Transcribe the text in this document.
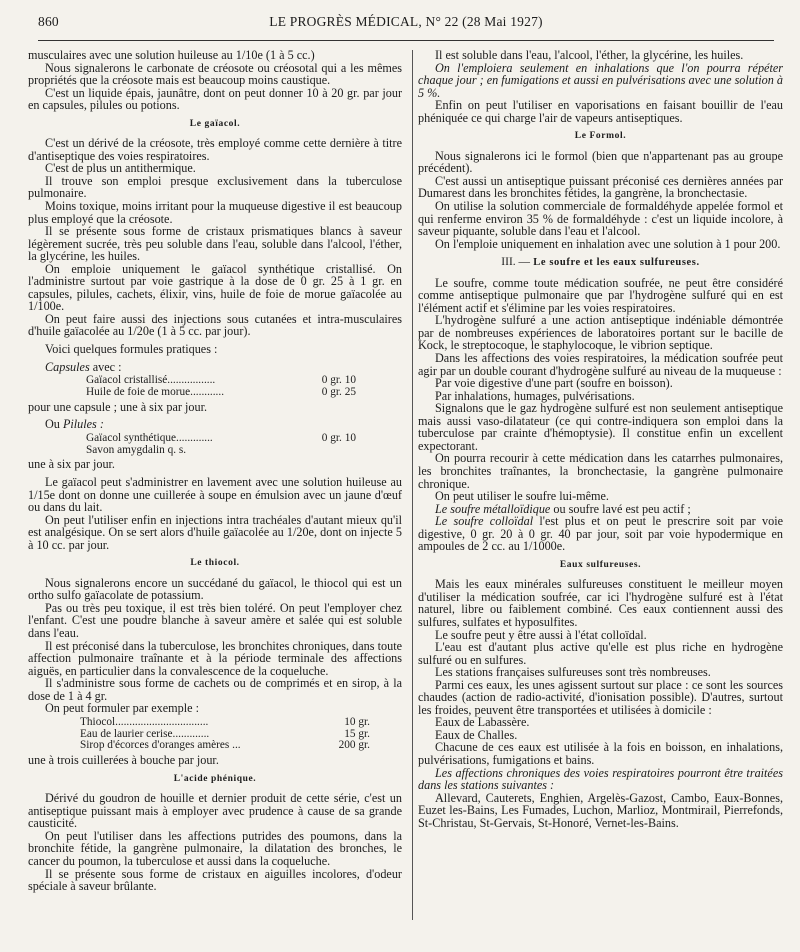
860	LE PROGRÈS MÉDICAL, N° 22 (28 Mai 1927)

musculaires avec une solution huileuse au 1/10e (1 à 5 cc.)

Nous signalerons le carbonate de créosote ou créosotal qui a les mêmes propriétés que la créosote mais est beaucoup moins caustique.

C'est un liquide épais, jaunâtre, dont on peut donner 10 à 20 gr. par jour en capsules, pilules ou potions.

Le gaïacol.

C'est un dérivé de la créosote, très employé comme cette dernière à titre d'antiseptique des voies respiratoires.

C'est de plus un antithermique.

Il trouve son emploi presque exclusivement dans la tuberculose pulmonaire.

Moins toxique, moins irritant pour la muqueuse digestive il est beaucoup plus employé que la créosote.

Il se présente sous forme de cristaux prismatiques blancs à saveur légèrement sucrée, très peu soluble dans l'eau, soluble dans l'alcool, l'éther, la glycérine, les huiles.

On emploie uniquement le gaïacol synthétique cristallisé. On l'administre surtout par voie gastrique à la dose de 0 gr. 25 à 1 gr. en capsules, pilules, cachets, élixir, vins, huile de foie de morue gaïacolée au 1/100e.

On peut faire aussi des injections sous cutanées et intra-musculaires d'huile gaïacolée au 1/20e (1 à 5 cc. par jour).

Voici quelques formules pratiques :

Capsules avec :

Gaïacol cristallisé.................	0 gr. 10
Huile de foie de morue............	0 gr. 25

pour une capsule ; une à six par jour.

Ou Pilules :

Gaïacol synthétique.............	0 gr. 10
Savon amygdalin q. s.

une à six par jour.

Le gaïacol peut s'administrer en lavement avec une solution huileuse au 1/15e dont on donne une cuillerée à soupe en émulsion avec un jaune d'œuf ou dans du lait.

On peut l'utiliser enfin en injections intra trachéales d'autant mieux qu'il est analgésique. On se sert alors d'huile gaïacolée au 1/20e, dont on injecte 5 à 10 cc. par jour.

Le thiocol.

Nous signalerons encore un succédané du gaïacol, le thiocol qui est un ortho sulfo gaïacolate de potassium.

Pas ou très peu toxique, il est très bien toléré. On peut l'employer chez l'enfant. C'est une poudre blanche à saveur amère et salée qui est soluble dans l'eau.

Il est préconisé dans la tuberculose, les bronchites chroniques, dans toute affection pulmonaire traînante et à la période terminale des affections aiguës, en particulier dans la convalescence de la coqueluche.

Il s'administre sous forme de cachets ou de comprimés et en sirop, à la dose de 1 à 4 gr.

On peut formuler par exemple :

Thiocol.................................	10 gr.
Eau de laurier cerise.............	15 gr.
Sirop d'écorces d'oranges amères ...	200 gr.

une à trois cuillerées à bouche par jour.

L'acide phénique.

Dérivé du goudron de houille et dernier produit de cette série, c'est un antiseptique puissant mais à employer avec prudence à cause de sa grande causticité.

On peut l'utiliser dans les affections putrides des poumons, dans la bronchite fétide, la gangrène pulmonaire, la dilatation des bronches, le cancer du poumon, la tuberculose et aussi dans la coqueluche.

Il se présente sous forme de cristaux en aiguilles incolores, d'odeur spéciale à saveur brûlante.

Il est soluble dans l'eau, l'alcool, l'éther, la glycérine, les huiles.

On l'emploiera seulement en inhalations que l'on pourra répéter chaque jour ; en fumigations et aussi en pulvérisations avec une solution à 5 %.

Enfin on peut l'utiliser en vaporisations en faisant bouillir de l'eau phéniquée ce qui charge l'air de vapeurs antiseptiques.

Le Formol.

Nous signalerons ici le formol (bien que n'appartenant pas au groupe précédent).

C'est aussi un antiseptique puissant préconisé ces dernières années par Dumarest dans les bronchites fétides, la gangrène, la bronchectasie.

On utilise la solution commerciale de formaldéhyde appelée formol et qui renferme environ 35 % de formaldéhyde : c'est un liquide incolore, à saveur piquante, soluble dans l'eau et l'alcool.

On l'emploie uniquement en inhalation avec une solution à 1 pour 200.

III. — Le soufre et les eaux sulfureuses.

Le soufre, comme toute médication soufrée, ne peut être considéré comme antiseptique pulmonaire que par l'hydrogène sulfuré qui en est l'élément actif et s'élimine par les voies respiratoires.

L'hydrogène sulfuré a une action antiseptique indéniable démontrée par de nombreuses expériences de laboratoires portant sur le bacille de Kock, le streptocoque, le staphylocoque, le vibrion septique.

Dans les affections des voies respiratoires, la médication soufrée peut agir par un double courant d'hydrogène sulfuré au niveau de la muqueuse :

Par voie digestive d'une part (soufre en boisson).

Par inhalations, humages, pulvérisations.

Signalons que le gaz hydrogène sulfuré est non seulement antiseptique mais aussi vaso-dilatateur (ce qui contre-indiquera son emploi dans la tuberculose par crainte d'hémoptysie). Il constitue enfin un excellent expectorant.

On pourra recourir à cette médication dans les catarrhes pulmonaires, les bronchites traînantes, la bronchectasie, la gangrène pulmonaire chronique.

On peut utiliser le soufre lui-même.

Le soufre métalloïdique ou soufre lavé est peu actif ;

Le soufre colloïdal l'est plus et on peut le prescrire soit par voie digestive, 0 gr. 20 à 0 gr. 40 par jour, soit par voie hypodermique en ampoules de 2 cc. au 1/1000e.

Eaux sulfureuses.

Mais les eaux minérales sulfureuses constituent le meilleur moyen d'utiliser la médication soufrée, car ici l'hydrogène sulfuré est à l'état naturel, libre ou faiblement combiné. Ces eaux contiennent aussi des sulfures, sulfates et hyposulfites.

Le soufre peut y être aussi à l'état colloïdal.

L'eau est d'autant plus active qu'elle est plus riche en hydrogène sulfuré ou en sulfures.

Les stations françaises sulfureuses sont très nombreuses.

Parmi ces eaux, les unes agissent surtout sur place : ce sont les sources chaudes (action de radio-activité, d'ionisation possible). D'autres, surtout les froides, peuvent être transportées et utilisées à domicile :

Eaux de Labassère.

Eaux de Challes.

Chacune de ces eaux est utilisée à la fois en boisson, en inhalations, pulvérisations, fumigations et bains.

Les affections chroniques des voies respiratoires pourront être traitées dans les stations suivantes :

Allevard, Cauterets, Enghien, Argelès-Gazost, Cambo, Eaux-Bonnes, Euzet les-Bains, Les Fumades, Luchon, Marlioz, Montmirail, Pierrefonds, St-Christau, St-Gervais, St-Honoré, Vernet-les-Bains.
